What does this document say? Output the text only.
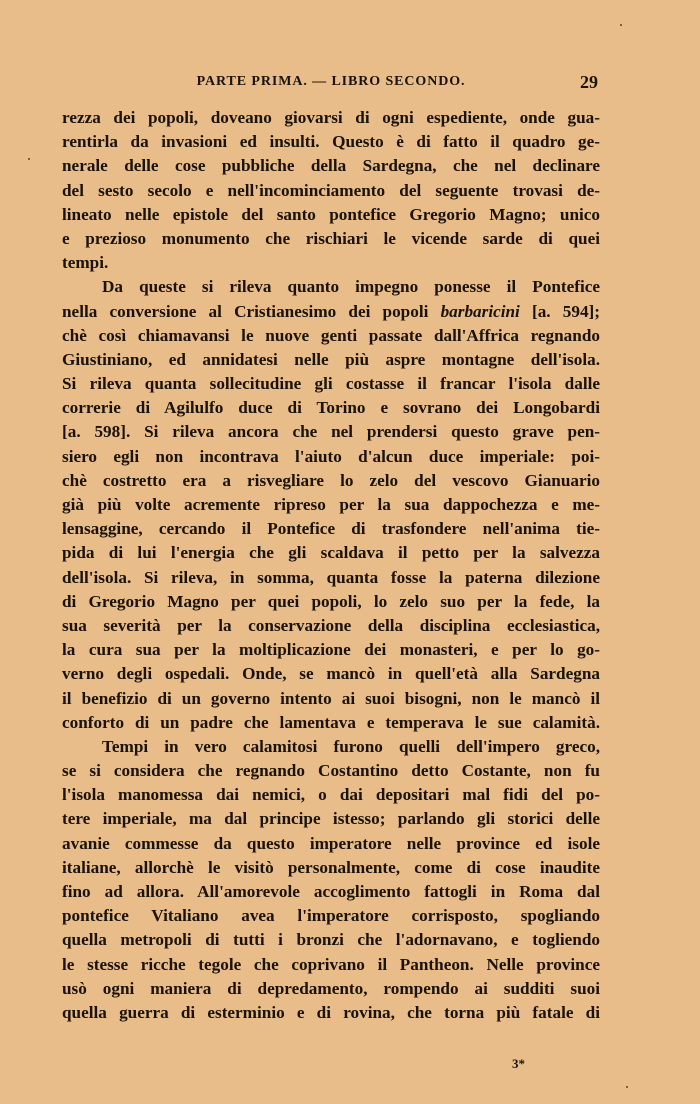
PARTE PRIMA. — LIBRO SECONDO.	29
rezza dei popoli, doveano giovarsi di ogni espediente, onde gua-
rentirla da invasioni ed insulti. Questo è di fatto il quadro ge-
nerale delle cose pubbliche della Sardegna, che nel declinare
del sesto secolo e nell'incominciamento del seguente trovasi de-
lineato nelle epistole del santo pontefice Gregorio Magno; unico
e prezioso monumento che rischiari le vicende sarde di quei
tempi.
Da queste si rileva quanto impegno ponesse il Pontefice
nella conversione al Cristianesimo dei popoli barbaricini [a. 594];
chè così chiamavansi le nuove genti passate dall'Affrica regnando
Giustiniano, ed annidatesi nelle più aspre montagne dell'isola.
Si rileva quanta sollecitudine gli costasse il francar l'isola dalle
correrie di Agilulfo duce di Torino e sovrano dei Longobardi
[a. 598]. Si rileva ancora che nel prendersi questo grave pen-
siero egli non incontrava l'aiuto d'alcun duce imperiale: poi-
chè costretto era a risvegliare lo zelo del vescovo Gianuario
già più volte acremente ripreso per la sua dappochezza e me-
lensaggine, cercando il Pontefice di trasfondere nell'anima tie-
pida di lui l'energia che gli scaldava il petto per la salvezza
dell'isola. Si rileva, in somma, quanta fosse la paterna dilezione
di Gregorio Magno per quei popoli, lo zelo suo per la fede, la
sua severità per la conservazione della disciplina ecclesiastica,
la cura sua per la moltiplicazione dei monasteri, e per lo go-
verno degli ospedali. Onde, se mancò in quell'età alla Sardegna
il benefizio di un governo intento ai suoi bisogni, non le mancò il
conforto di un padre che lamentava e temperava le sue calamità.
Tempi in vero calamitosi furono quelli dell'impero greco,
se si considera che regnando Costantino detto Costante, non fu
l'isola manomessa dai nemici, o dai depositari mal fidi del po-
tere imperiale, ma dal principe istesso; parlando gli storici delle
avanie commesse da questo imperatore nelle province ed isole
italiane, allorchè le visitò personalmente, come di cose inaudite
fino ad allora. All'amorevole accoglimento fattogli in Roma dal
pontefice Vitaliano avea l'imperatore corrisposto, spogliando
quella metropoli di tutti i bronzi che l'adornavano, e togliendo
le stesse ricche tegole che coprivano il Pantheon. Nelle province
usò ogni maniera di depredamento, rompendo ai sudditi suoi
quella guerra di esterminio e di rovina, che torna più fatale di
3*
